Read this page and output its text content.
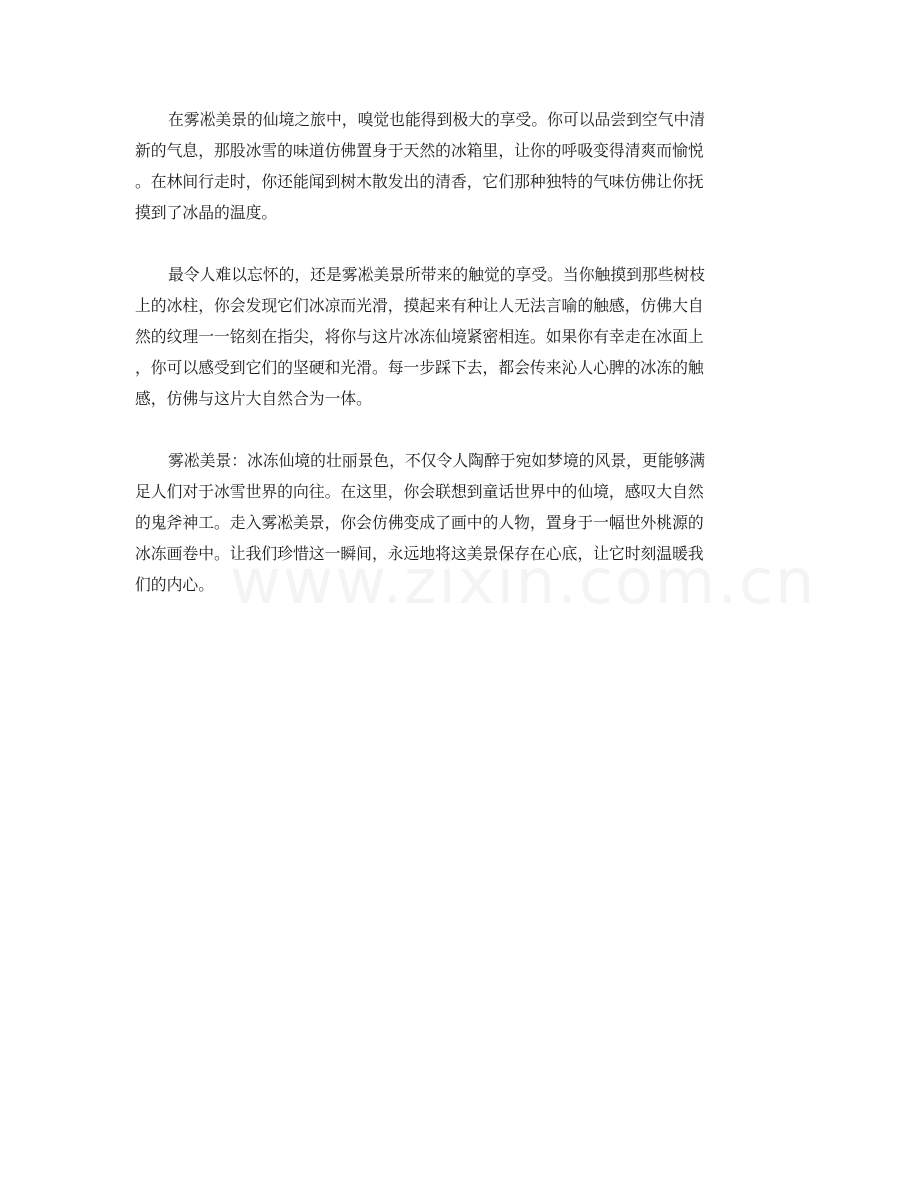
在雾凇美景的仙境之旅中，嗅觉也能得到极大的享受。你可以品尝到空气中清
新的气息，那股冰雪的味道仿佛置身于天然的冰箱里，让你的呼吸变得清爽而愉悦
。在林间行走时，你还能闻到树木散发出的清香，它们那种独特的气味仿佛让你抚
摸到了冰晶的温度。
最令人难以忘怀的，还是雾凇美景所带来的触觉的享受。当你触摸到那些树枝
上的冰柱，你会发现它们冰凉而光滑，摸起来有种让人无法言喻的触感，仿佛大自
然的纹理一一铭刻在指尖，将你与这片冰冻仙境紧密相连。如果你有幸走在冰面上
，你可以感受到它们的坚硬和光滑。每一步踩下去，都会传来沁人心脾的冰冻的触
感，仿佛与这片大自然合为一体。
雾凇美景：冰冻仙境的壮丽景色，不仅令人陶醉于宛如梦境的风景，更能够满
足人们对于冰雪世界的向往。在这里，你会联想到童话世界中的仙境，感叹大自然
的鬼斧神工。走入雾凇美景，你会仿佛变成了画中的人物，置身于一幅世外桃源的
冰冻画卷中。让我们珍惜这一瞬间，永远地将这美景保存在心底，让它时刻温暖我
们的内心。
